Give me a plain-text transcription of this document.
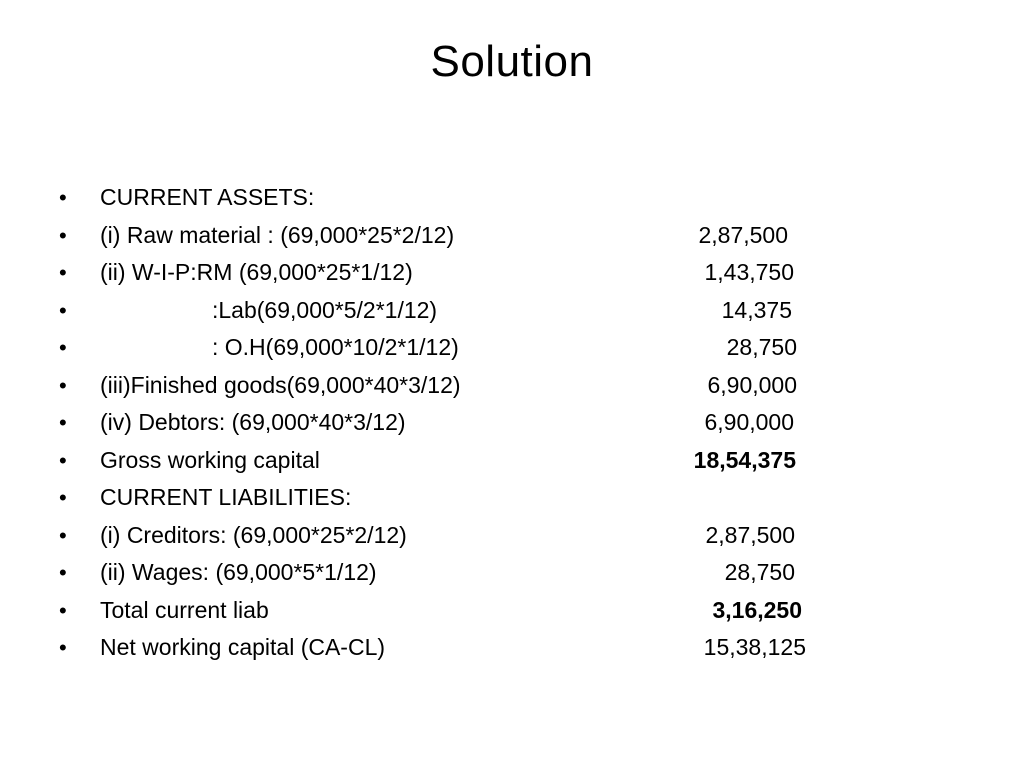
Solution
•	CURRENT ASSETS:
•	(i) Raw material : (69,000*25*2/12)	2,87,500
•	(ii) W-I-P:RM (69,000*25*1/12)	1,43,750
•	:Lab(69,000*5/2*1/12)	14,375
•	: O.H(69,000*10/2*1/12)	28,750
•	(iii)Finished goods(69,000*40*3/12)	6,90,000
•	(iv) Debtors: (69,000*40*3/12)	6,90,000
•	Gross working capital	18,54,375
•	CURRENT LIABILITIES:
•	(i) Creditors: (69,000*25*2/12)	2,87,500
•	(ii) Wages: (69,000*5*1/12)	28,750
•	Total current liab	3,16,250
•	Net working capital (CA-CL)	15,38,125
